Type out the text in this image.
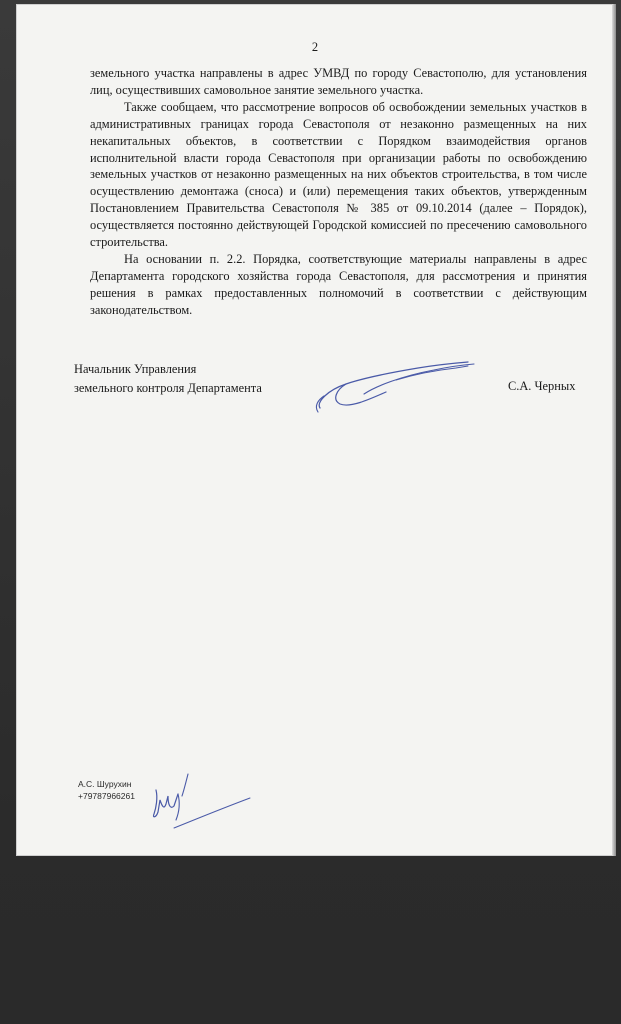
2

земельного участка направлены в адрес УМВД по городу Севастополю, для установления лиц, осуществивших самовольное занятие земельного участка.

Также сообщаем, что рассмотрение вопросов об освобождении земельных участков в административных границах города Севастополя от незаконно размещенных на них некапитальных объектов, в соответствии с Порядком взаимодействия органов исполнительной власти города Севастополя при организации работы по освобождению земельных участков от незаконно размещенных на них объектов строительства, в том числе осуществлению демонтажа (сноса) и (или) перемещения таких объектов, утвержденным Постановлением Правительства Севастополя № 385 от 09.10.2014 (далее – Порядок), осуществляется постоянно действующей Городской комиссией по пресечению самовольного строительства.

На основании п. 2.2. Порядка, соответствующие материалы направлены в адрес Департамента городского хозяйства города Севастополя, для рассмотрения и принятия решения в рамках предоставленных полномочий в соответствии с действующим законодательством.

Начальник Управления
земельного контроля Департамента	С.А. Черных
А.С. Шурухин
+79787966261
